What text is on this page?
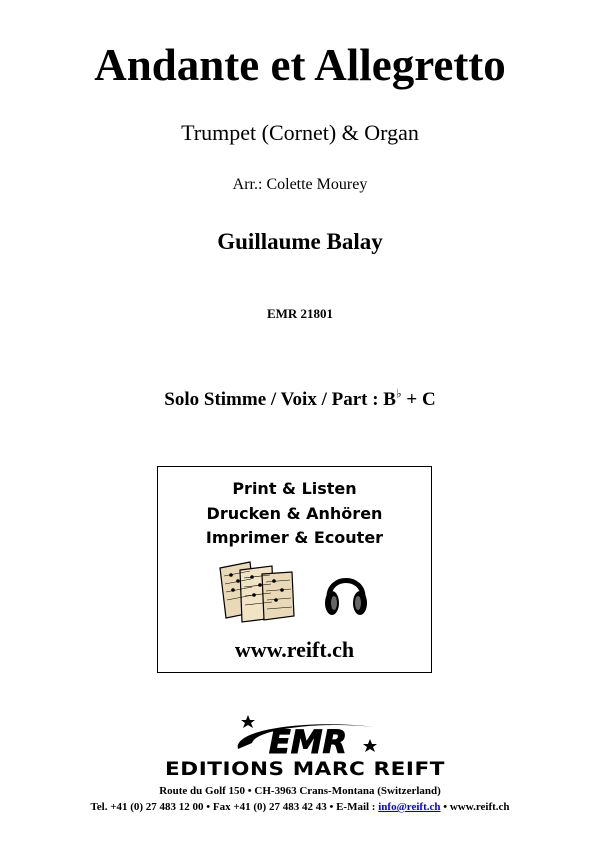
Andante et Allegretto
Trumpet (Cornet) & Organ
Arr.: Colette Mourey
Guillaume Balay
EMR 21801
Solo Stimme / Voix / Part : B♭ + C
Print & Listen
Drucken & Anhören
Imprimer & Ecouter
www.reift.ch
EMR
EDITIONS MARC REIFT
Route du Golf 150 • CH-3963 Crans-Montana (Switzerland)
Tel. +41 (0) 27 483 12 00 • Fax +41 (0) 27 483 42 43 • E-Mail : info@reift.ch • www.reift.ch
